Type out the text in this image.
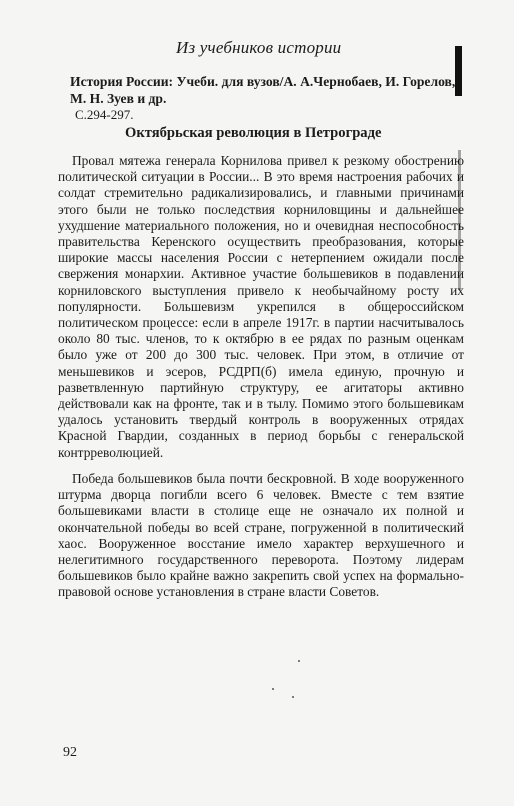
Из учебников истории
История России: Учеби. для вузов/А. А.Чернобаев, И. Горелов, М. Н. Зуев и др.
С.294-297.
Октябрьская революция в Петрограде

Провал мятежа генерала Корнилова привел к резкому обострению политической ситуации в России... В это время настроения рабочих и солдат стремительно радикализировались, и главными причинами этого были не только последствия корниловщины и дальнейшее ухудшение материального положения, но и очевидная неспособность правительства Керенского осуществить преобразования, которые широкие массы населения России с нетерпением ожидали после свержения монархии. Активное участие большевиков в подавлении корниловского выступления привело к необычайному росту их популярности. Большевизм укрепился в общероссийском политическом процессе: если в апреле 1917г. в партии насчитывалось около 80 тыс. членов, то к октябрю в ее рядах по разным оценкам было уже от 200 до 300 тыс. человек. При этом, в отличие от меньшевиков и эсеров, РСДРП(б) имела единую, прочную и разветвленную партийную структуру, ее агитаторы активно действовали как на фронте, так и в тылу. Помимо этого большевикам удалось установить твердый контроль в вооруженных отрядах Красной Гвардии, созданных в период борьбы с генеральской контрреволюцией.

Победа большевиков была почти бескровной. В ходе вооруженного штурма дворца погибли всего 6 человек. Вместе с тем взятие большевиками власти в столице еще не означало их полной и окончательной победы во всей стране, погруженной в политический хаос. Вооруженное восстание имело характер верхушечного и нелегитимного государственного переворота. Поэтому лидерам большевиков было крайне важно закрепить свой успех на формально-правовой основе установления в стране власти Советов.

92
